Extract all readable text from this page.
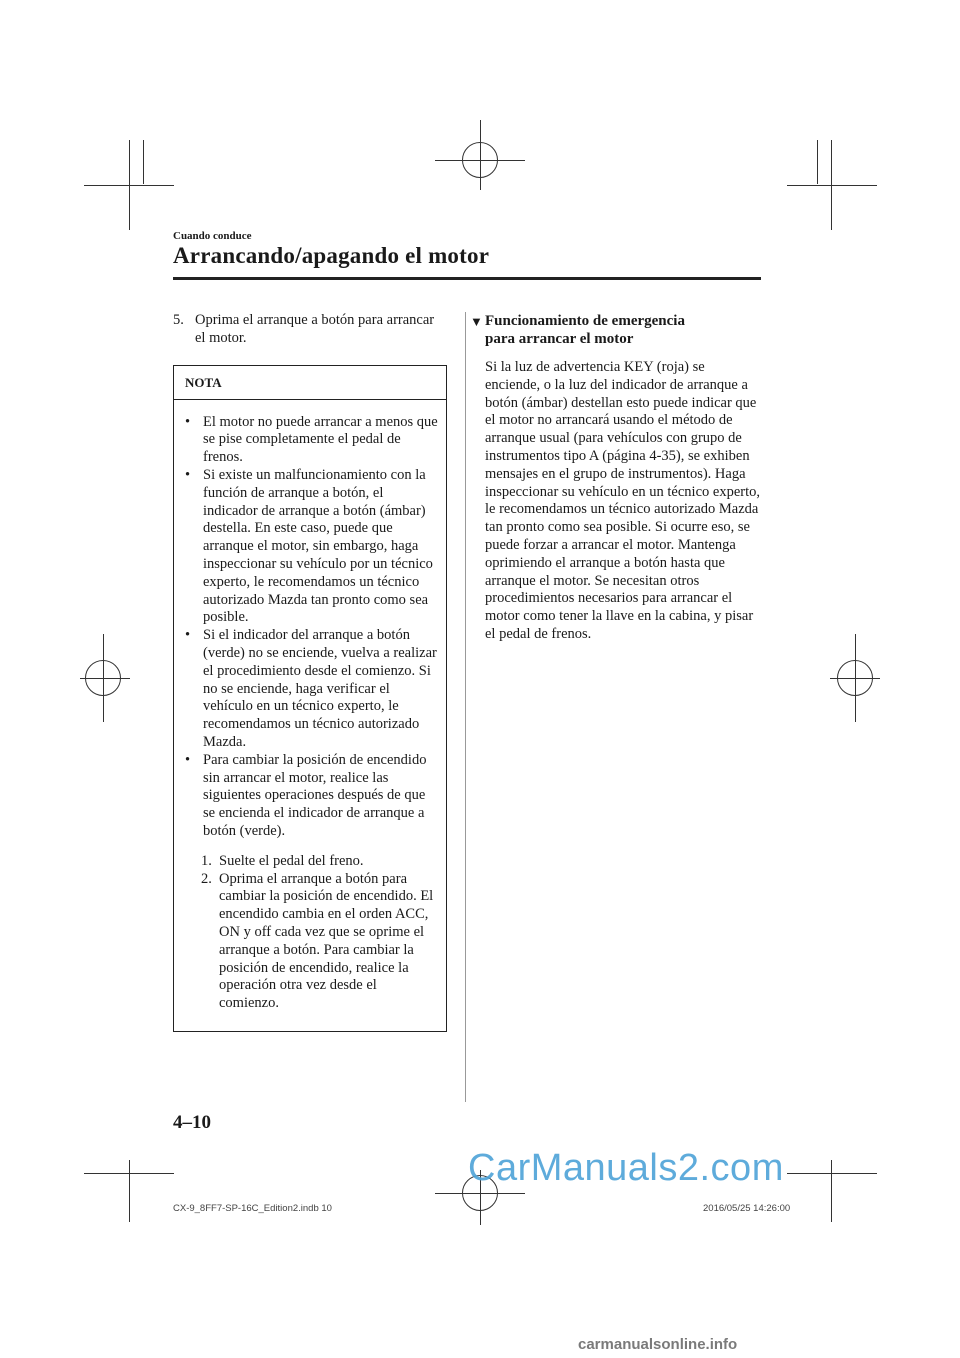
Cuando conduce
Arrancando/apagando el motor
5. Oprima el arranque a botón para arrancar el motor.
NOTA
• El motor no puede arrancar a menos que se pise completamente el pedal de frenos.
• Si existe un malfuncionamiento con la función de arranque a botón, el indicador de arranque a botón (ámbar) destella. En este caso, puede que arranque el motor, sin embargo, haga inspeccionar su vehículo por un técnico experto, le recomendamos un técnico autorizado Mazda tan pronto como sea posible.
• Si el indicador del arranque a botón (verde) no se enciende, vuelva a realizar el procedimiento desde el comienzo. Si no se enciende, haga verificar el vehículo en un técnico experto, le recomendamos un técnico autorizado Mazda.
• Para cambiar la posición de encendido sin arrancar el motor, realice las siguientes operaciones después de que se encienda el indicador de arranque a botón (verde).
1. Suelte el pedal del freno.
2. Oprima el arranque a botón para cambiar la posición de encendido. El encendido cambia en el orden ACC, ON y off cada vez que se oprime el arranque a botón. Para cambiar la posición de encendido, realice la operación otra vez desde el comienzo.
▼ Funcionamiento de emergencia
para arrancar el motor
Si la luz de advertencia KEY (roja) se enciende, o la luz del indicador de arranque a botón (ámbar) destellan esto puede indicar que el motor no arrancará usando el método de arranque usual (para vehículos con grupo de instrumentos tipo A (página 4-35), se exhiben mensajes en el grupo de instrumentos). Haga inspeccionar su vehículo en un técnico experto, le recomendamos un técnico autorizado Mazda tan pronto como sea posible. Si ocurre eso, se puede forzar a arrancar el motor. Mantenga oprimiendo el arranque a botón hasta que arranque el motor. Se necesitan otros procedimientos necesarios para arrancar el motor como tener la llave en la cabina, y pisar el pedal de frenos.
4–10
CarManuals2.com
CX-9_8FF7-SP-16C_Edition2.indb 10	2016/05/25 14:26:00
carmanualsonline.info
